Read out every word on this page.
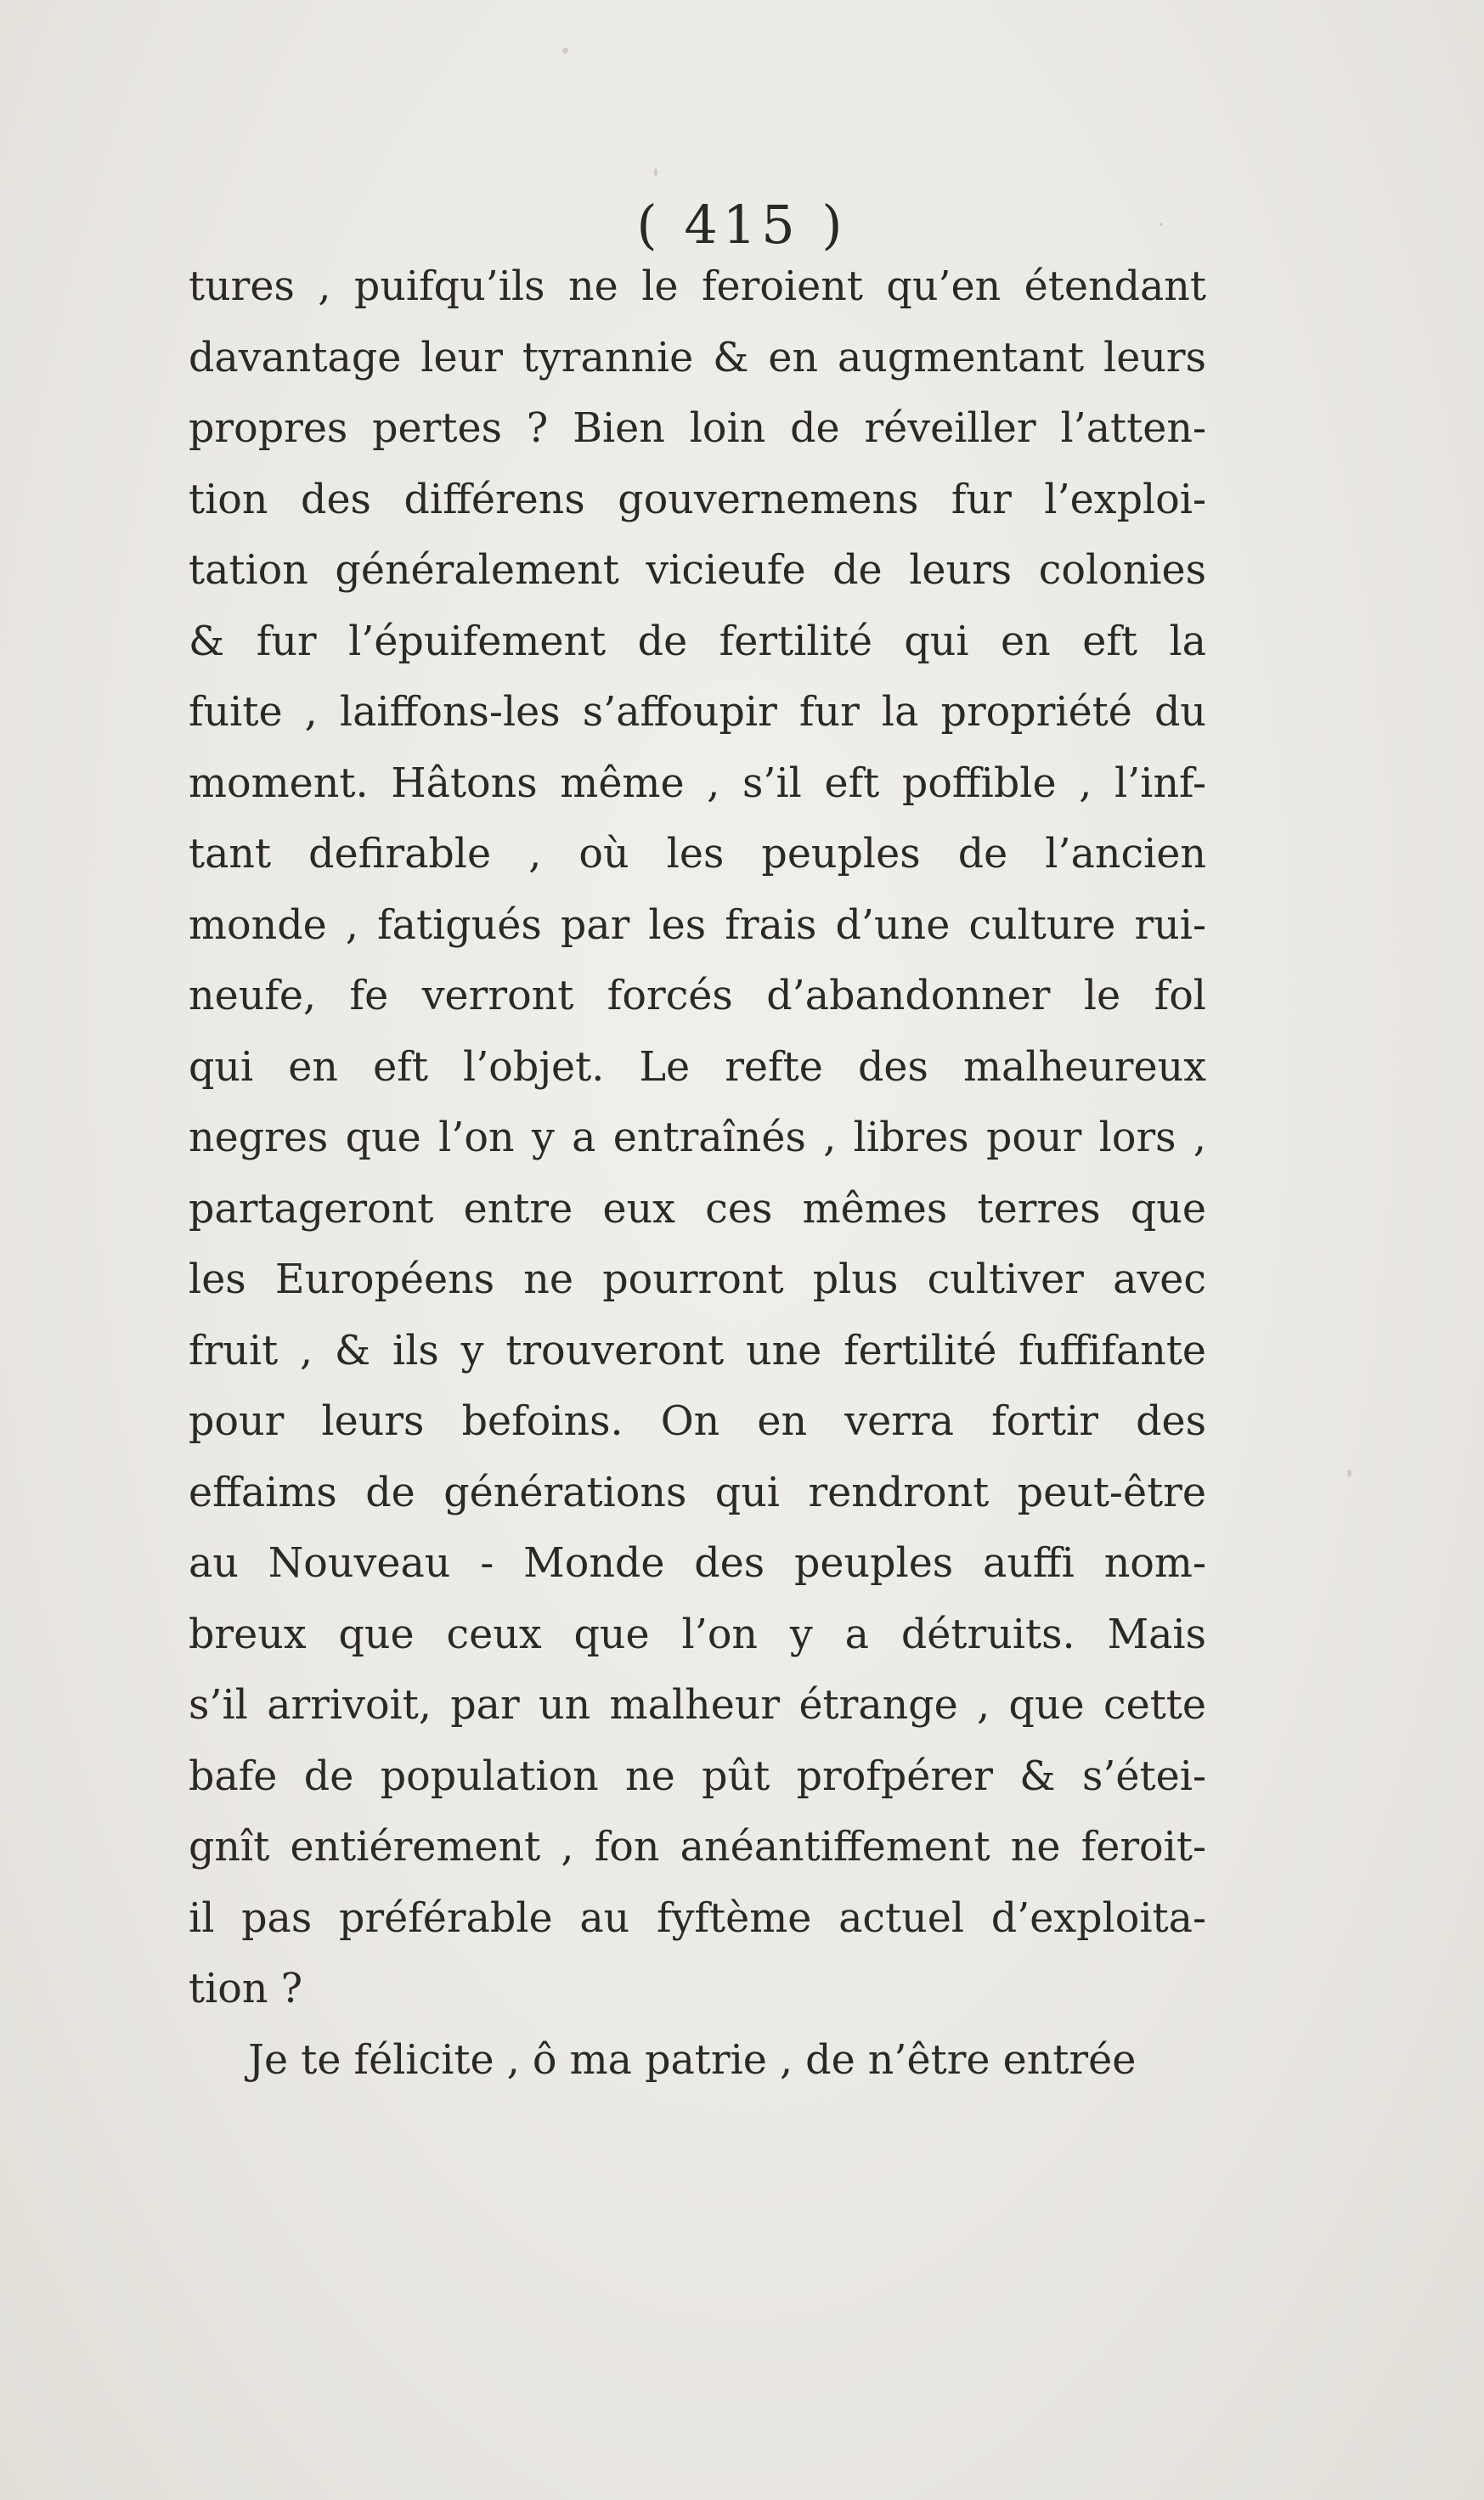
( 415 )
tures , puifqu’ils ne le feroient qu’en étendant
davantage leur tyrannie & en augmentant leurs
propres pertes ? Bien loin de réveiller l’atten-
tion des différens gouvernemens fur l’exploi-
tation généralement vicieufe de leurs colonies
& fur l’épuifement de fertilité qui en eft la
fuite , laiffons-les s’affoupir fur la propriété du
moment. Hâtons même , s’il eft poffible , l’inf-
tant defirable , où les peuples de l’ancien
monde , fatigués par les frais d’une culture rui-
neufe, fe verront forcés d’abandonner le fol
qui en eft l’objet. Le refte des malheureux
negres que l’on y a entraînés , libres pour lors ,
partageront entre eux ces mêmes terres que
les Européens ne pourront plus cultiver avec
fruit , & ils y trouveront une fertilité fuffifante
pour leurs befoins. On en verra fortir des
effaims de générations qui rendront peut-être
au Nouveau - Monde des peuples auffi nom-
breux que ceux que l’on y a détruits. Mais
s’il arrivoit, par un malheur étrange , que cette
bafe de population ne pût profpérer & s’étei-
gnît entiérement , fon anéantiffement ne feroit-
il pas préférable au fyftème actuel d’exploita-
tion ?
Je te félicite , ô ma patrie , de n’être entrée
